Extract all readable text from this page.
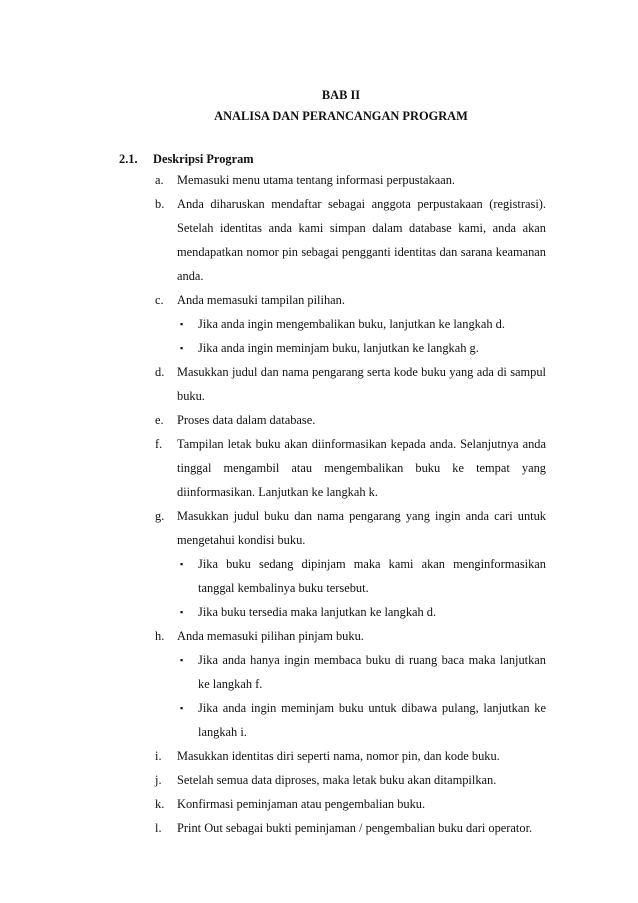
BAB II
ANALISA DAN PERANCANGAN PROGRAM
2.1. Deskripsi Program
a. Memasuki menu utama tentang informasi perpustakaan.
b. Anda diharuskan mendaftar sebagai anggota perpustakaan (registrasi). Setelah identitas anda kami simpan dalam database kami, anda akan mendapatkan nomor pin sebagai pengganti identitas dan sarana keamanan anda.
c. Anda memasuki tampilan pilihan.
▪ Jika anda ingin mengembalikan buku, lanjutkan ke langkah d.
▪ Jika anda ingin meminjam buku, lanjutkan ke langkah g.
d. Masukkan judul dan nama pengarang serta kode buku yang ada di sampul buku.
e. Proses data dalam database.
f. Tampilan letak buku akan diinformasikan kepada anda. Selanjutnya anda tinggal mengambil atau mengembalikan buku ke tempat yang diinformasikan. Lanjutkan ke langkah k.
g. Masukkan judul buku dan nama pengarang yang ingin anda cari untuk mengetahui kondisi buku.
▪ Jika buku sedang dipinjam maka kami akan menginformasikan tanggal kembalinya buku tersebut.
▪ Jika buku tersedia maka lanjutkan ke langkah d.
h. Anda memasuki pilihan pinjam buku.
▪ Jika anda hanya ingin membaca buku di ruang baca maka lanjutkan ke langkah f.
▪ Jika anda ingin meminjam buku untuk dibawa pulang, lanjutkan ke langkah i.
i. Masukkan identitas diri seperti nama, nomor pin, dan kode buku.
j. Setelah semua data diproses, maka letak buku akan ditampilkan.
k. Konfirmasi peminjaman atau pengembalian buku.
l. Print Out sebagai bukti peminjaman / pengembalian buku dari operator.
